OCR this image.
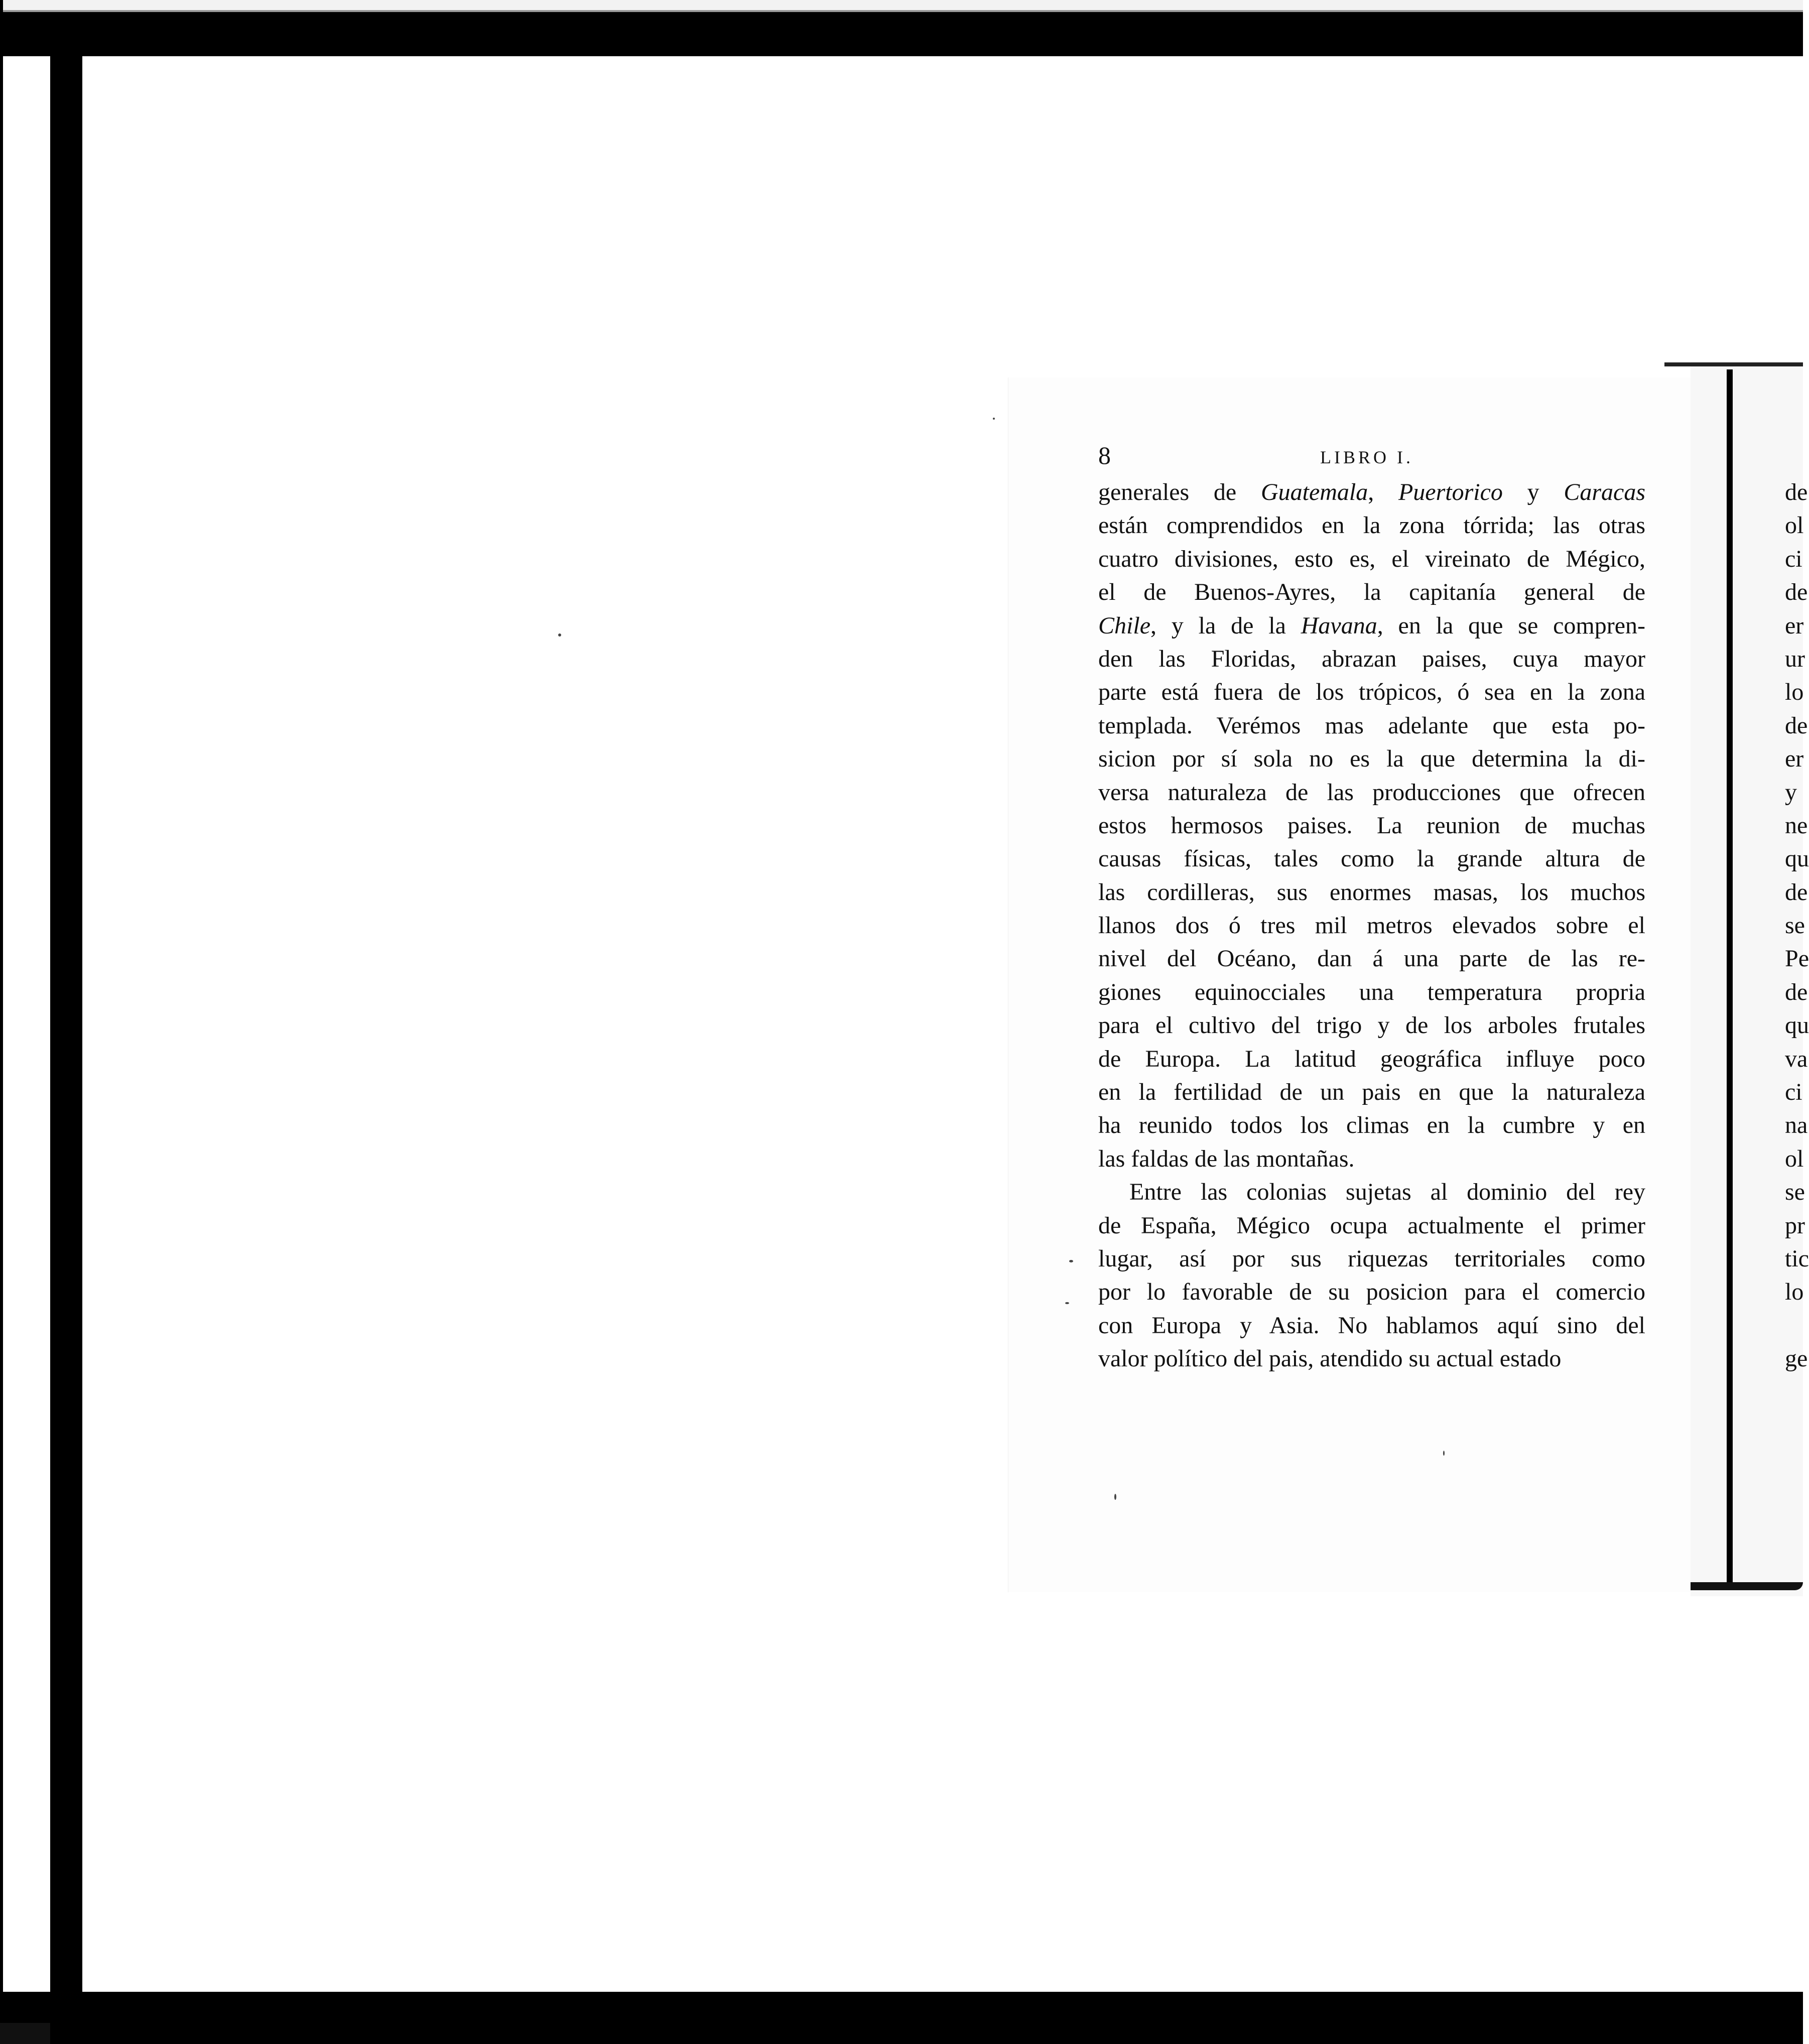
8	LIBRO I.
generales de Guatemala, Puertorico y Caracas
están comprendidos en la zona tórrida; las otras
cuatro divisiones, esto es, el vireinato de Mégico,
el de Buenos-Ayres, la capitanía general de
Chile, y la de la Havana, en la que se compren-
den las Floridas, abrazan paises, cuya mayor
parte está fuera de los trópicos, ó sea en la zona
templada. Verémos mas adelante que esta po-
sicion por sí sola no es la que determina la di-
versa naturaleza de las producciones que ofrecen
estos hermosos paises. La reunion de muchas
causas físicas, tales como la grande altura de
las cordilleras, sus enormes masas, los muchos
llanos dos ó tres mil metros elevados sobre el
nivel del Océano, dan á una parte de las re-
giones equinocciales una temperatura propria
para el cultivo del trigo y de los arboles frutales
de Europa. La latitud geográfica influye poco
en la fertilidad de un pais en que la naturaleza
ha reunido todos los climas en la cumbre y en
las faldas de las montañas.
Entre las colonias sujetas al dominio del rey
de España, Mégico ocupa actualmente el primer
lugar, así por sus riquezas territoriales como
por lo favorable de su posicion para el comercio
con Europa y Asia. No hablamos aquí sino del
valor político del pais, atendido su actual estado
de
ol
ci
de
er
ur
lo
de
er
y
ne
qu
de
se
Pe
de
qu
va
ci
na
ol
se
pr
tic
lo
ge
